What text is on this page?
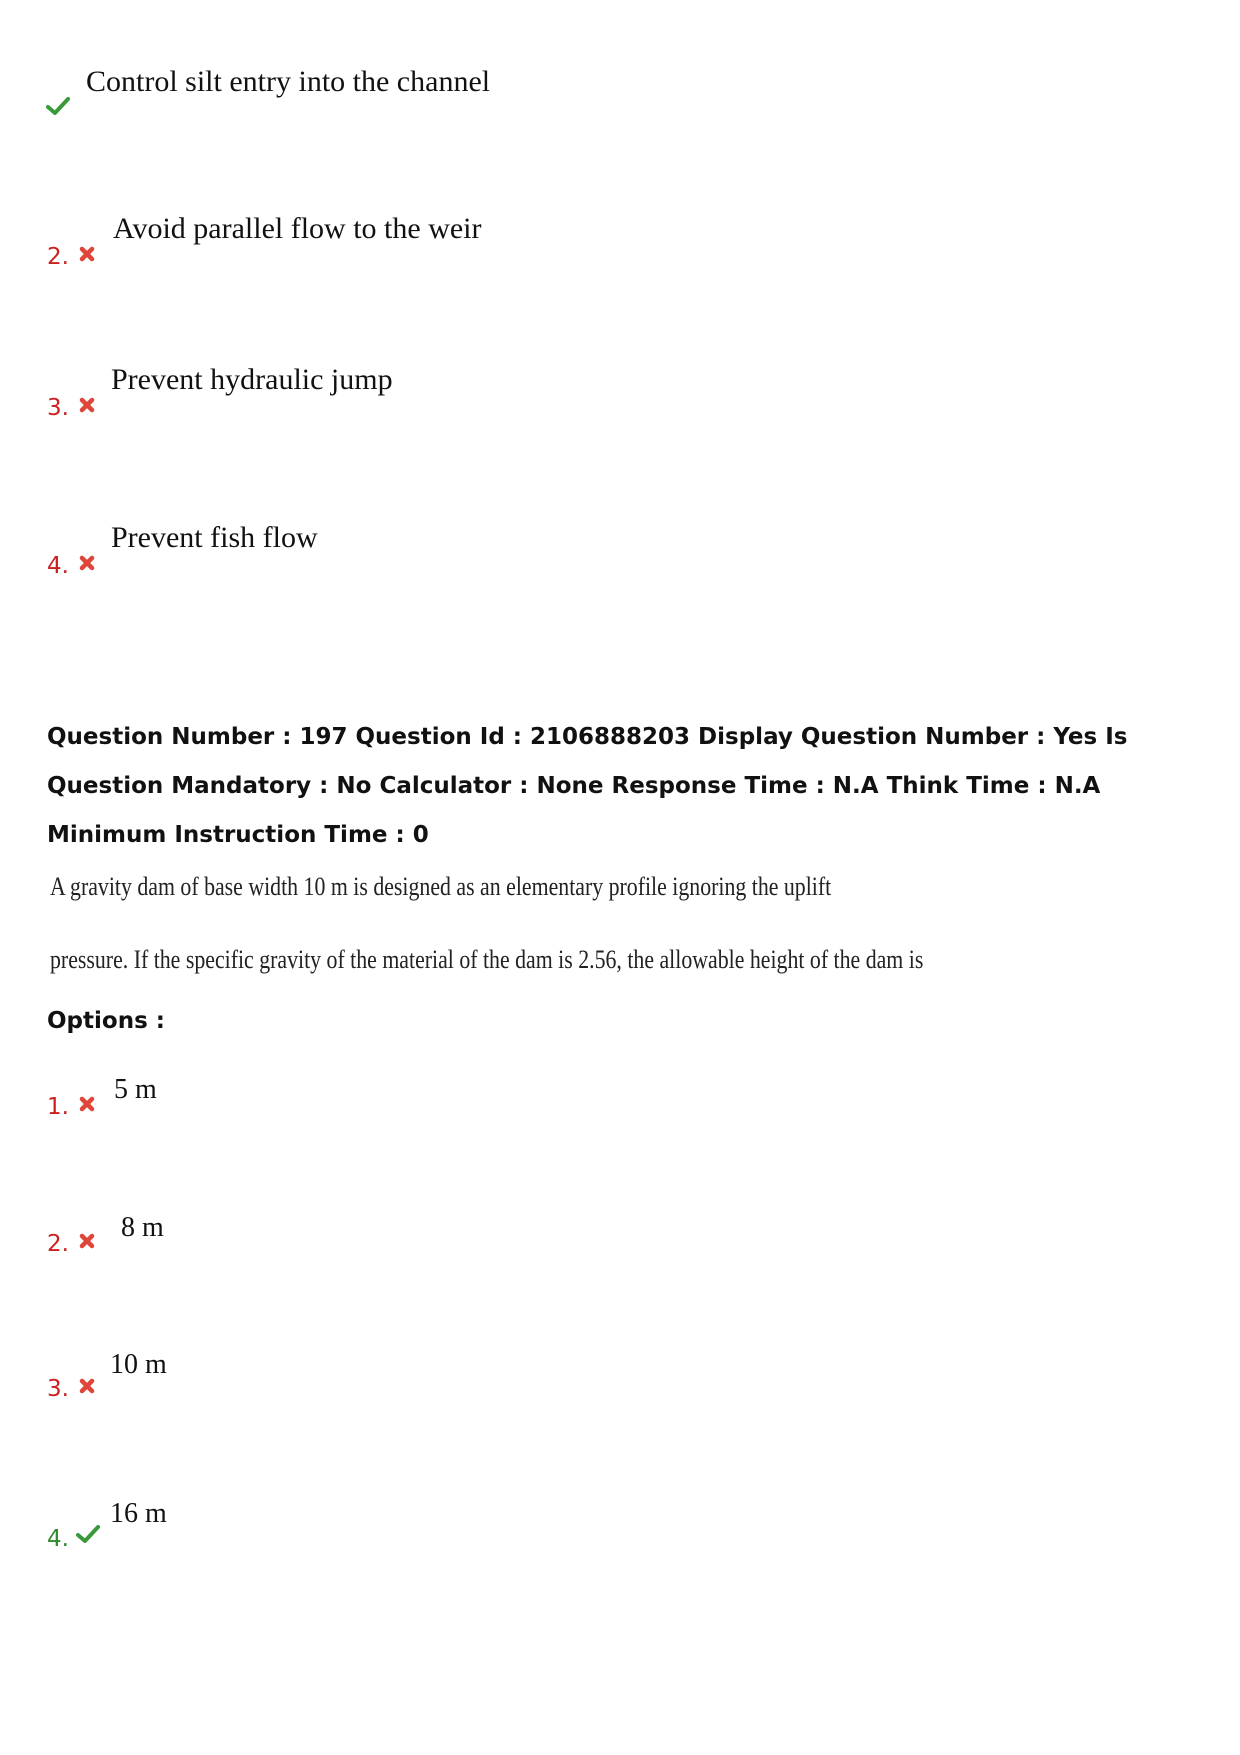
Control silt entry into the channel
2.
Avoid parallel flow to the weir
3.
Prevent hydraulic jump
4.
Prevent fish flow
Question Number : 197 Question Id : 2106888203 Display Question Number : Yes Is Question Mandatory : No Calculator : None Response Time : N.A Think Time : N.A Minimum Instruction Time : 0
A gravity dam of base width 10 m is designed as an elementary profile ignoring the uplift
pressure. If the specific gravity of the material of the dam is 2.56, the allowable height of the dam is
Options :
1.
5 m
2.
8 m
3.
10 m
4.
16 m
